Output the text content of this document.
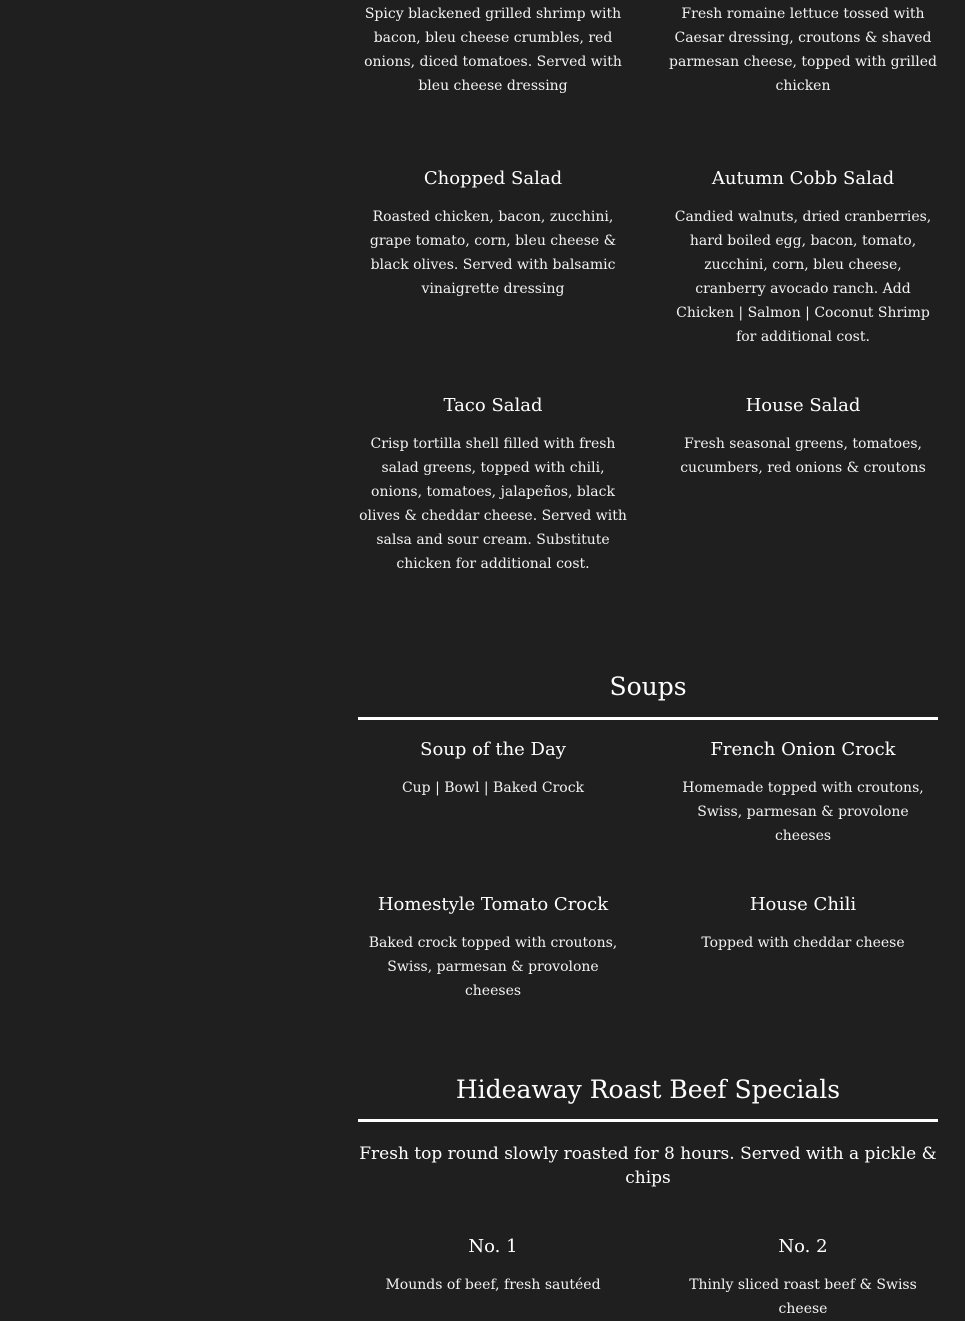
Spicy blackened grilled shrimp with bacon, bleu cheese crumbles, red onions, diced tomatoes. Served with bleu cheese dressing

Fresh romaine lettuce tossed with Caesar dressing, croutons & shaved parmesan cheese, topped with grilled chicken

Chopped Salad

Roasted chicken, bacon, zucchini, grape tomato, corn, bleu cheese & black olives. Served with balsamic vinaigrette dressing

Autumn Cobb Salad

Candied walnuts, dried cranberries, hard boiled egg, bacon, tomato, zucchini, corn, bleu cheese, cranberry avocado ranch. Add Chicken | Salmon | Coconut Shrimp for additional cost.

Taco Salad

Crisp tortilla shell filled with fresh salad greens, topped with chili, onions, tomatoes, jalapeños, black olives & cheddar cheese. Served with salsa and sour cream. Substitute chicken for additional cost.

House Salad

Fresh seasonal greens, tomatoes, cucumbers, red onions & croutons

Soups
Soup of the Day

Cup | Bowl | Baked Crock

French Onion Crock

Homemade topped with croutons, Swiss, parmesan & provolone cheeses

Homestyle Tomato Crock

Baked crock topped with croutons, Swiss, parmesan & provolone cheeses

House Chili

Topped with cheddar cheese

Hideaway Roast Beef Specials

Fresh top round slowly roasted for 8 hours. Served with a pickle & chips

No. 1

Mounds of beef, fresh sautéed

No. 2

Thinly sliced roast beef & Swiss cheese
